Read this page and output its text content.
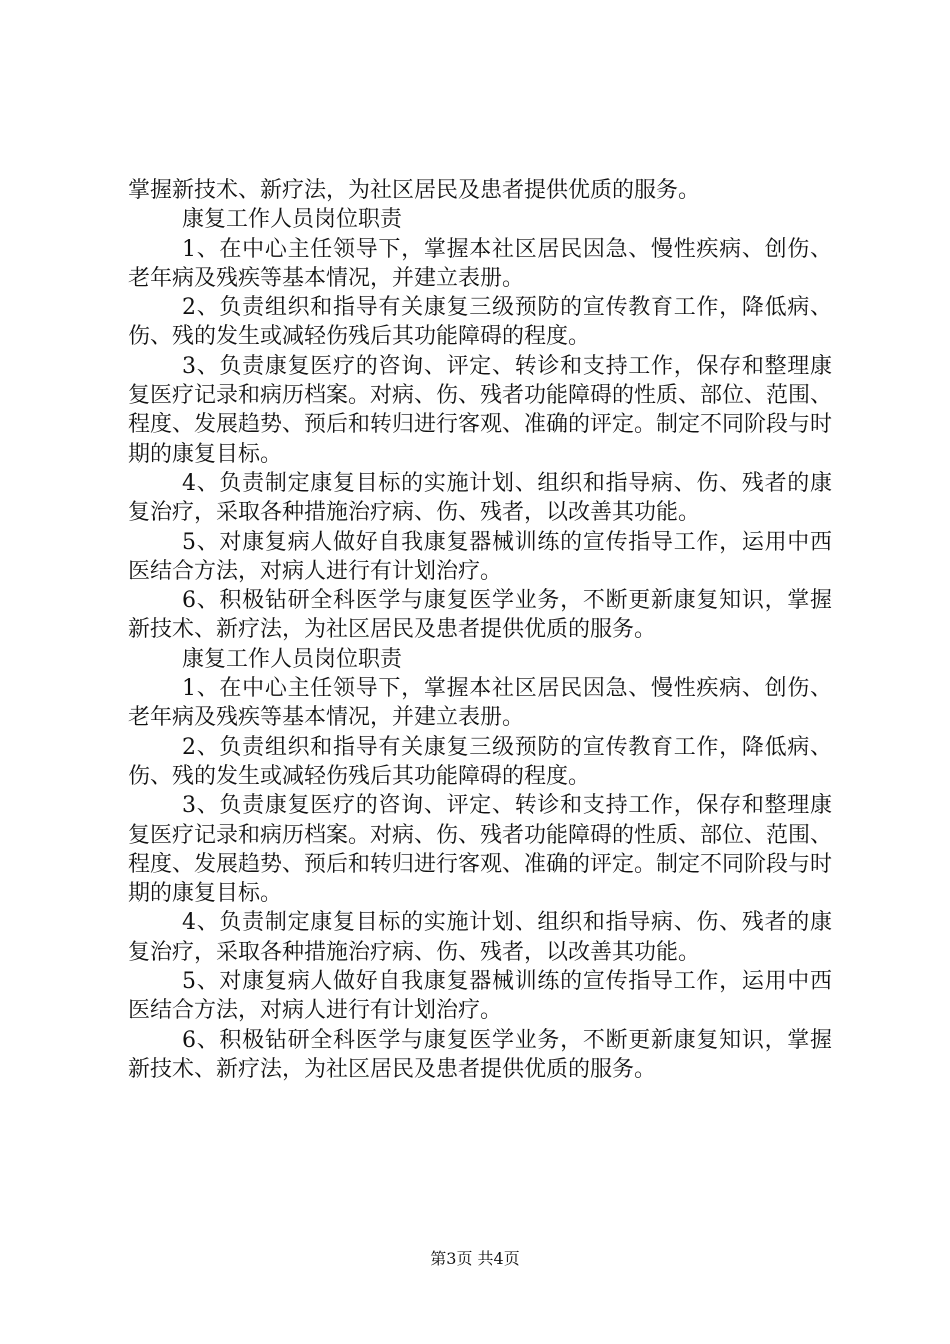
掌握新技术、新疗法，为社区居民及患者提供优质的服务。

康复工作人员岗位职责

1、在中心主任领导下，掌握本社区居民因急、慢性疾病、创伤、老年病及残疾等基本情况，并建立表册。

2、负责组织和指导有关康复三级预防的宣传教育工作，降低病、伤、残的发生或减轻伤残后其功能障碍的程度。

3、负责康复医疗的咨询、评定、转诊和支持工作，保存和整理康复医疗记录和病历档案。对病、伤、残者功能障碍的性质、部位、范围、程度、发展趋势、预后和转归进行客观、准确的评定。制定不同阶段与时期的康复目标。

4、负责制定康复目标的实施计划、组织和指导病、伤、残者的康复治疗，采取各种措施治疗病、伤、残者，以改善其功能。

5、对康复病人做好自我康复器械训练的宣传指导工作，运用中西医结合方法，对病人进行有计划治疗。

6、积极钻研全科医学与康复医学业务，不断更新康复知识，掌握新技术、新疗法，为社区居民及患者提供优质的服务。

康复工作人员岗位职责

1、在中心主任领导下，掌握本社区居民因急、慢性疾病、创伤、老年病及残疾等基本情况，并建立表册。

2、负责组织和指导有关康复三级预防的宣传教育工作，降低病、伤、残的发生或减轻伤残后其功能障碍的程度。

3、负责康复医疗的咨询、评定、转诊和支持工作，保存和整理康复医疗记录和病历档案。对病、伤、残者功能障碍的性质、部位、范围、程度、发展趋势、预后和转归进行客观、准确的评定。制定不同阶段与时期的康复目标。

4、负责制定康复目标的实施计划、组织和指导病、伤、残者的康复治疗，采取各种措施治疗病、伤、残者，以改善其功能。

5、对康复病人做好自我康复器械训练的宣传指导工作，运用中西医结合方法，对病人进行有计划治疗。

6、积极钻研全科医学与康复医学业务，不断更新康复知识，掌握新技术、新疗法，为社区居民及患者提供优质的服务。

第3页 共4页
